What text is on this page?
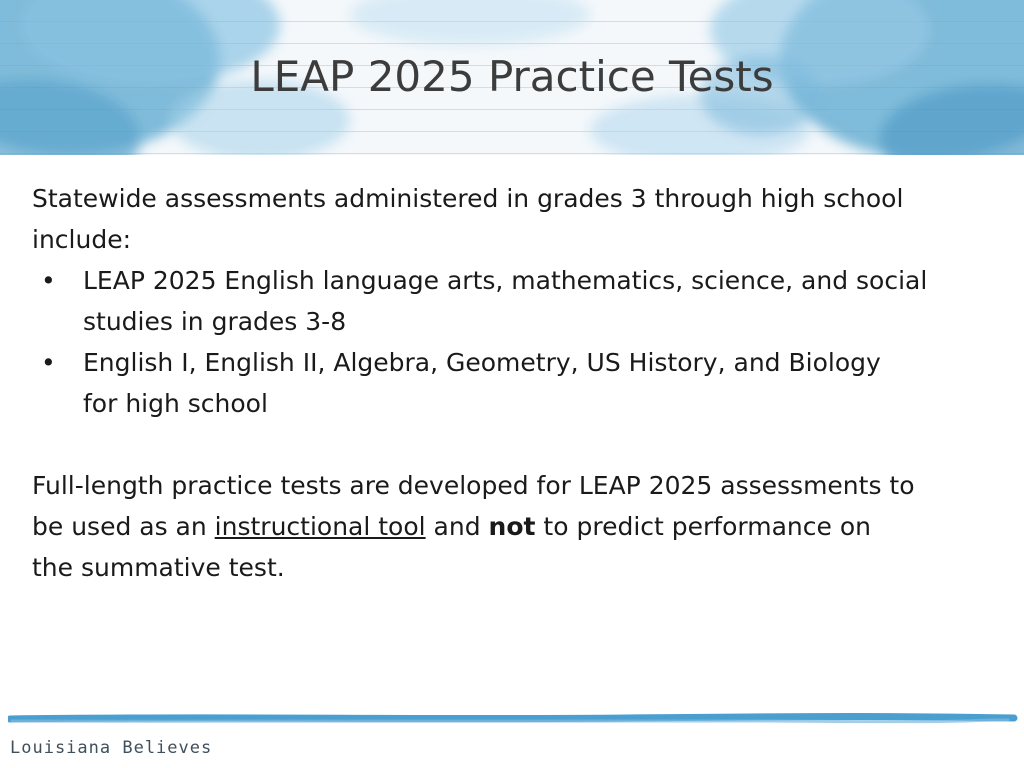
LEAP 2025 Practice Tests

Statewide assessments administered in grades 3 through high school
include:

• LEAP 2025 English language arts, mathematics, science, and social
studies in grades 3-8
• English I, English II, Algebra, Geometry, US History, and Biology
for high school

Full-length practice tests are developed for LEAP 2025 assessments to
be used as an instructional tool and not to predict performance on
the summative test.

Louisiana Believes
